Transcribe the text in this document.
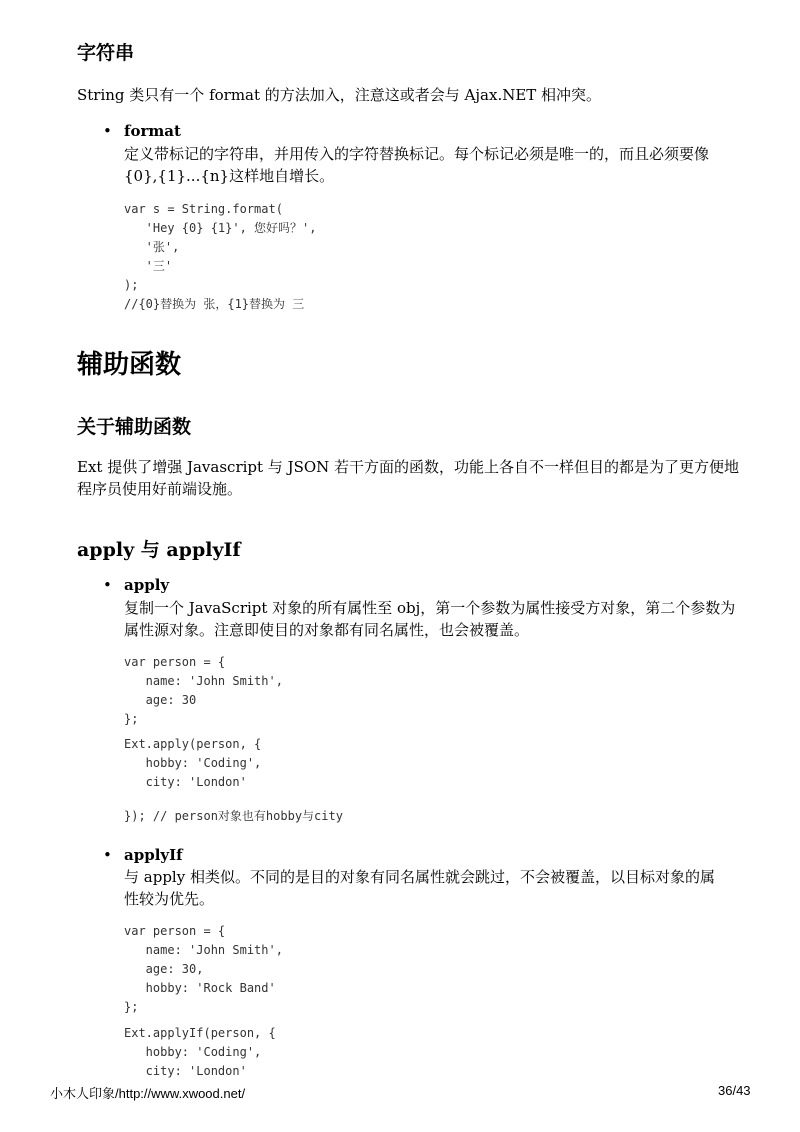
字符串
String 类只有一个 format 的方法加入，注意这或者会与 Ajax.NET 相冲突。
• format
定义带标记的字符串，并用传入的字符替换标记。每个标记必须是唯一的，而且必须要像
{0},{1}...{n}这样地自增长。
var s = String.format(
'Hey {0} {1}', 您好吗？',
'张',
'三'
);
//{0}替换为 张，{1}替换为 三
辅助函数
关于辅助函数
Ext 提供了增强 Javascript 与 JSON 若干方面的函数，功能上各自不一样但目的都是为了更方便地
程序员使用好前端设施。
apply 与 applyIf
• apply
复制一个 JavaScript 对象的所有属性至 obj，第一个参数为属性接受方对象，第二个参数为
属性源对象。注意即使目的对象都有同名属性，也会被覆盖。
var person = {
name: 'John Smith',
age: 30
};
Ext.apply(person, {
hobby: 'Coding',
city: 'London'
}); // person对象也有hobby与city
• applyIf
与 apply 相类似。不同的是目的对象有同名属性就会跳过，不会被覆盖，以目标对象的属
性较为优先。
var person = {
name: 'John Smith',
age: 30,
hobby: 'Rock Band'
};
Ext.applyIf(person, {
hobby: 'Coding',
city: 'London'
小木人印象/http://www.xwood.net/	36/43
